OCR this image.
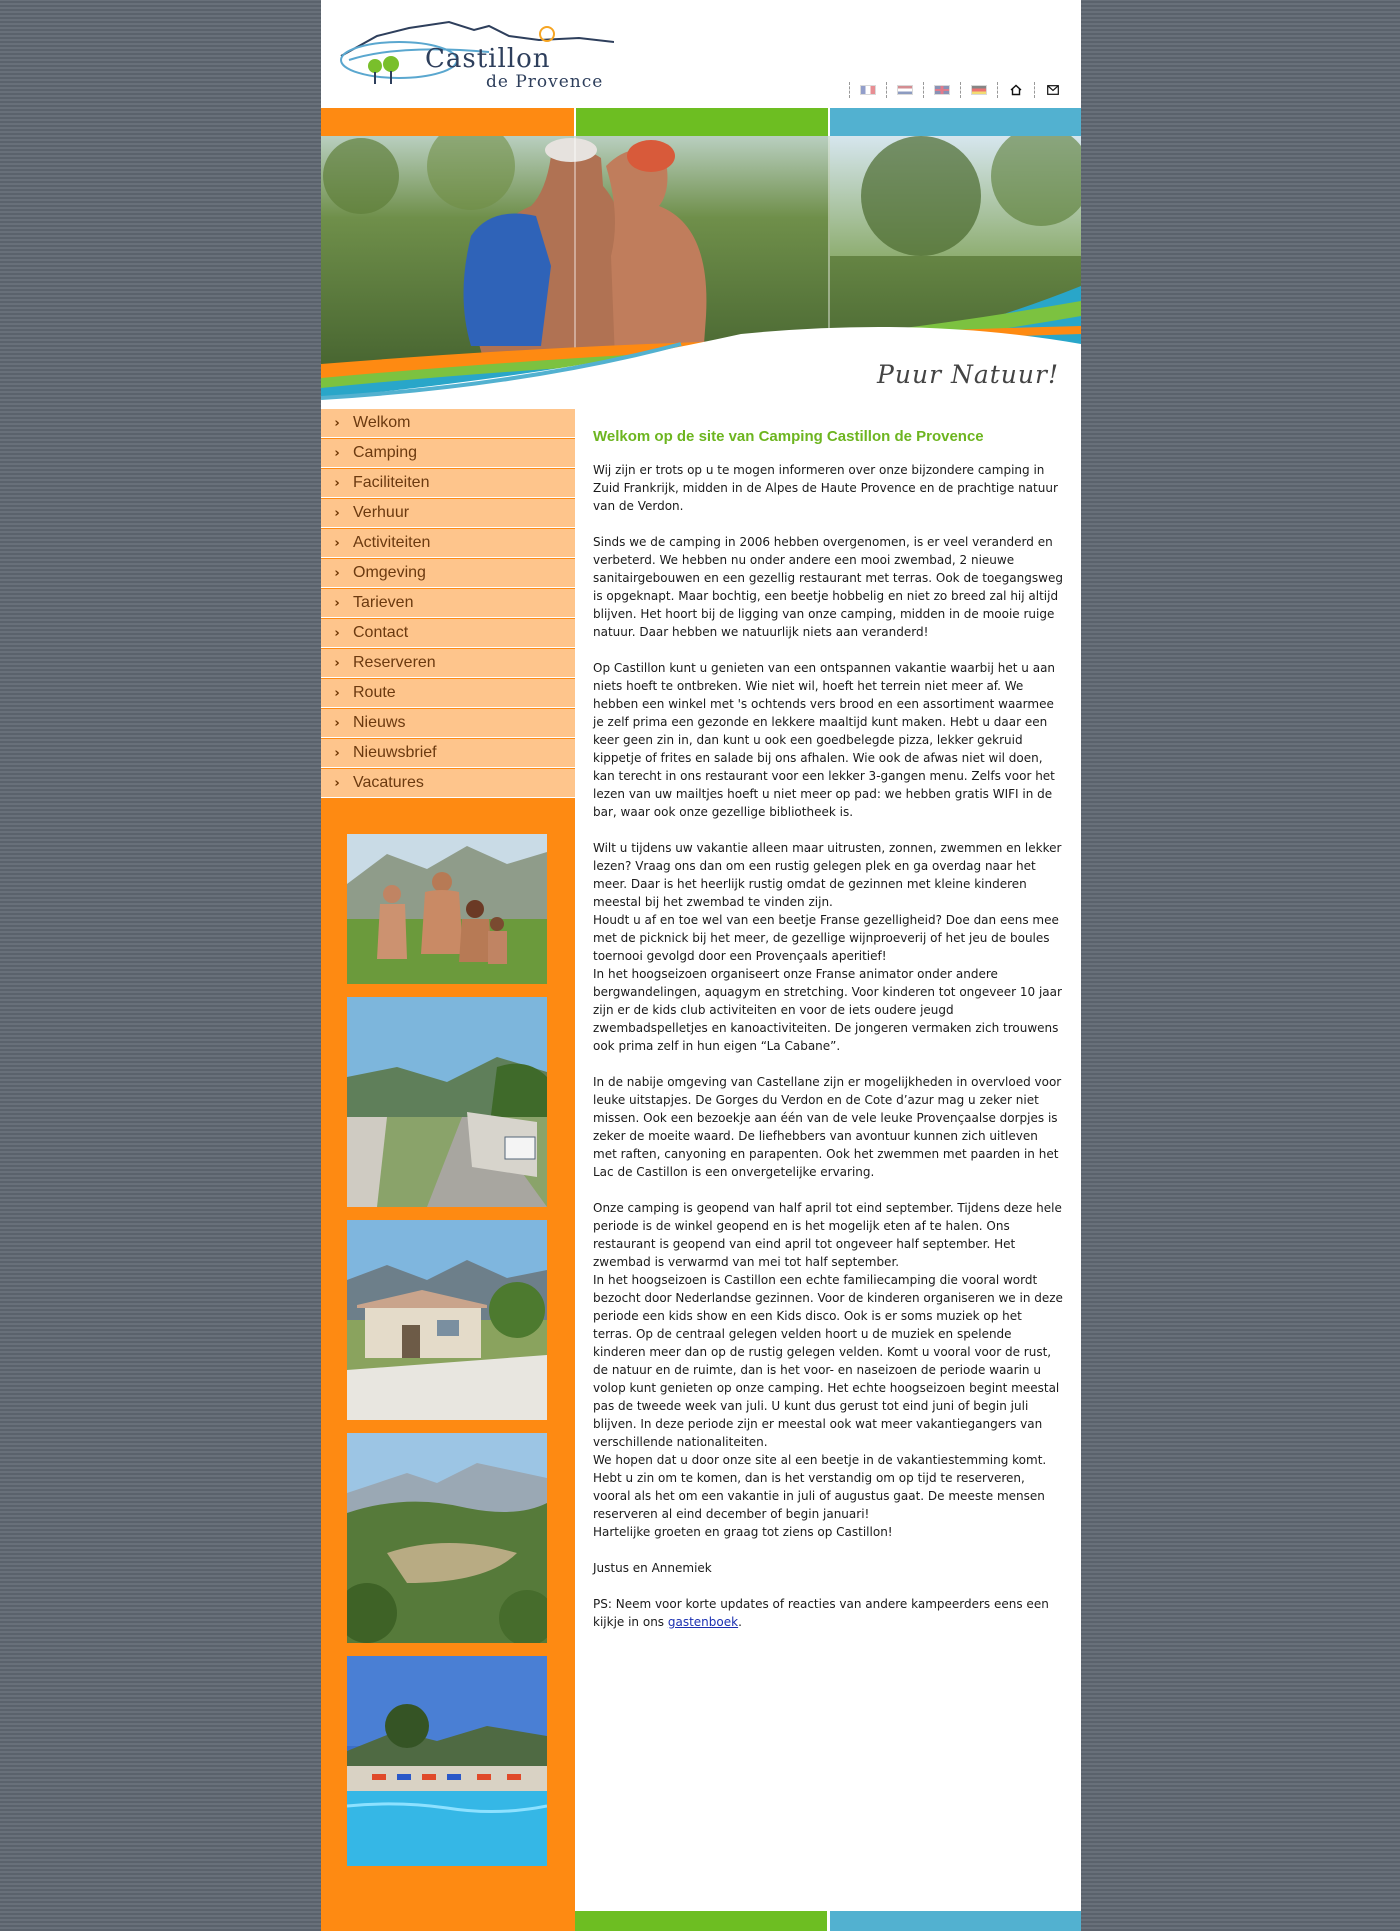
Castillon
de Provence
Puur Natuur!
› Welkom
› Camping
› Faciliteiten
› Verhuur
› Activiteiten
› Omgeving
› Tarieven
› Contact
› Reserveren
› Route
› Nieuws
› Nieuwsbrief
› Vacatures
Welkom op de site van Camping Castillon de Provence

Wij zijn er trots op u te mogen informeren over onze bijzondere camping in Zuid Frankrijk, midden in de Alpes de Haute Provence en de prachtige natuur van de Verdon.

Sinds we de camping in 2006 hebben overgenomen, is er veel veranderd en verbeterd. We hebben nu onder andere een mooi zwembad, 2 nieuwe sanitairgebouwen en een gezellig restaurant met terras. Ook de toegangsweg is opgeknapt. Maar bochtig, een beetje hobbelig en niet zo breed zal hij altijd blijven. Het hoort bij de ligging van onze camping, midden in de mooie ruige natuur. Daar hebben we natuurlijk niets aan veranderd!

Op Castillon kunt u genieten van een ontspannen vakantie waarbij het u aan niets hoeft te ontbreken. Wie niet wil, hoeft het terrein niet meer af. We hebben een winkel met 's ochtends vers brood en een assortiment waarmee je zelf prima een gezonde en lekkere maaltijd kunt maken. Hebt u daar een keer geen zin in, dan kunt u ook een goedbelegde pizza, lekker gekruid kippetje of frites en salade bij ons afhalen. Wie ook de afwas niet wil doen, kan terecht in ons restaurant voor een lekker 3-gangen menu. Zelfs voor het lezen van uw mailtjes hoeft u niet meer op pad: we hebben gratis WIFI in de bar, waar ook onze gezellige bibliotheek is.

Wilt u tijdens uw vakantie alleen maar uitrusten, zonnen, zwemmen en lekker lezen? Vraag ons dan om een rustig gelegen plek en ga overdag naar het meer. Daar is het heerlijk rustig omdat de gezinnen met kleine kinderen meestal bij het zwembad te vinden zijn.
Houdt u af en toe wel van een beetje Franse gezelligheid? Doe dan eens mee met de picknick bij het meer, de gezellige wijnproeverij of het jeu de boules toernooi gevolgd door een Provençaals aperitief!
In het hoogseizoen organiseert onze Franse animator onder andere bergwandelingen, aquagym en stretching. Voor kinderen tot ongeveer 10 jaar zijn er de kids club activiteiten en voor de iets oudere jeugd zwembadspelletjes en kanoactiviteiten. De jongeren vermaken zich trouwens ook prima zelf in hun eigen “La Cabane”.

In de nabije omgeving van Castellane zijn er mogelijkheden in overvloed voor leuke uitstapjes. De Gorges du Verdon en de Cote d’azur mag u zeker niet missen. Ook een bezoekje aan één van de vele leuke Provençaalse dorpjes is zeker de moeite waard. De liefhebbers van avontuur kunnen zich uitleven met raften, canyoning en parapenten. Ook het zwemmen met paarden in het Lac de Castillon is een onvergetelijke ervaring.

Onze camping is geopend van half april tot eind september. Tijdens deze hele periode is de winkel geopend en is het mogelijk eten af te halen. Ons restaurant is geopend van eind april tot ongeveer half september. Het zwembad is verwarmd van mei tot half september.
In het hoogseizoen is Castillon een echte familiecamping die vooral wordt bezocht door Nederlandse gezinnen. Voor de kinderen organiseren we in deze periode een kids show en een Kids disco. Ook is er soms muziek op het terras. Op de centraal gelegen velden hoort u de muziek en spelende kinderen meer dan op de rustig gelegen velden. Komt u vooral voor de rust, de natuur en de ruimte, dan is het voor- en naseizoen de periode waarin u volop kunt genieten op onze camping. Het echte hoogseizoen begint meestal pas de tweede week van juli. U kunt dus gerust tot eind juni of begin juli blijven. In deze periode zijn er meestal ook wat meer vakantiegangers van verschillende nationaliteiten.
We hopen dat u door onze site al een beetje in de vakantiestemming komt. Hebt u zin om te komen, dan is het verstandig om op tijd te reserveren, vooral als het om een vakantie in juli of augustus gaat. De meeste mensen reserveren al eind december of begin januari!
Hartelijke groeten en graag tot ziens op Castillon!

Justus en Annemiek

PS: Neem voor korte updates of reacties van andere kampeerders eens een kijkje in ons gastenboek.
